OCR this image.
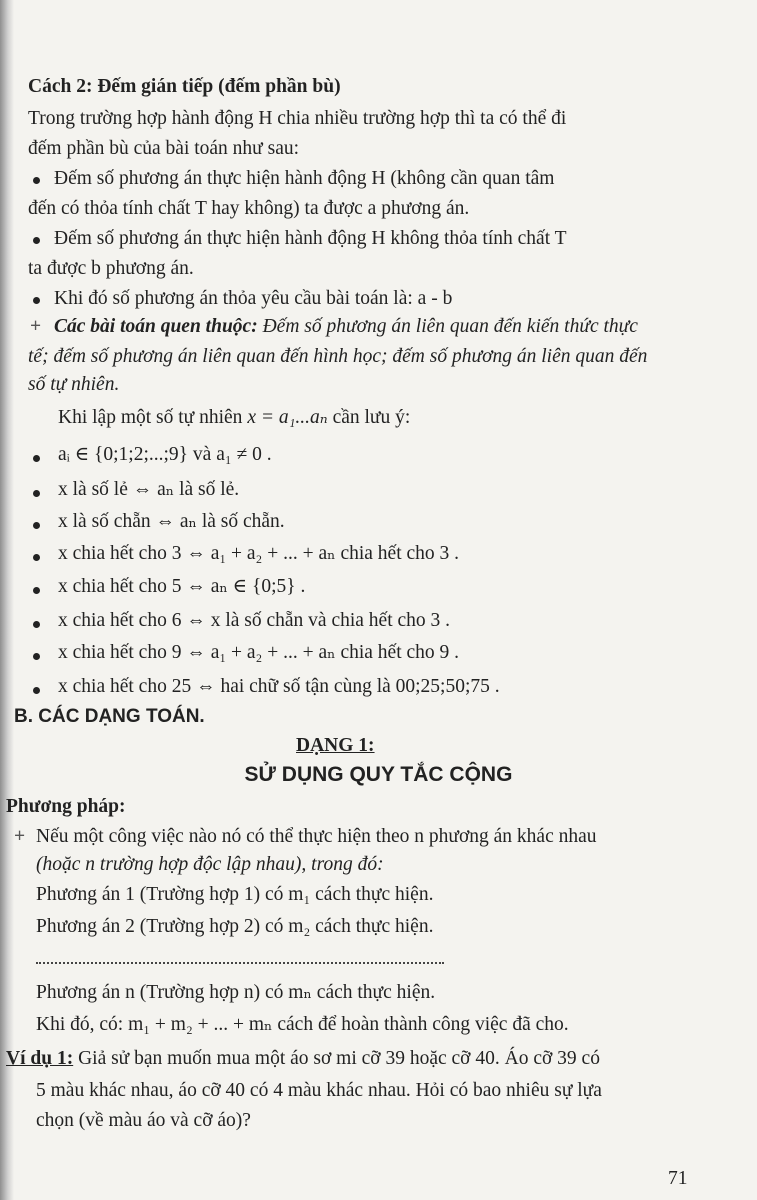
Cách 2: Đếm gián tiếp (đếm phần bù)
Trong trường hợp hành động H chia nhiều trường hợp thì ta có thể đi
đếm phần bù của bài toán như sau:
Đếm số phương án thực hiện hành động H (không cần quan tâm
đến có thỏa tính chất T hay không) ta được a phương án.
Đếm số phương án thực hiện hành động H không thỏa tính chất T
ta được b phương án.
Khi đó số phương án thỏa yêu cầu bài toán là: a - b
+ Các bài toán quen thuộc: Đếm số phương án liên quan đến kiến thức thực
tế; đếm số phương án liên quan đến hình học; đếm số phương án liên quan đến
số tự nhiên.
Khi lập một số tự nhiên x = a₁...aₙ cần lưu ý:
aᵢ ∈ {0;1;2;...;9} và a₁ ≠ 0 .
x là số lẻ ⇔ aₙ là số lẻ.
x là số chẵn ⇔ aₙ là số chẵn.
x chia hết cho 3 ⇔ a₁ + a₂ + ... + aₙ chia hết cho 3 .
x chia hết cho 5 ⇔ aₙ ∈ {0;5} .
x chia hết cho 6 ⇔ x là số chẵn và chia hết cho 3 .
x chia hết cho 9 ⇔ a₁ + a₂ + ... + aₙ chia hết cho 9 .
x chia hết cho 25 ⇔ hai chữ số tận cùng là 00;25;50;75 .
B. CÁC DẠNG TOÁN.
DẠNG 1:
SỬ DỤNG QUY TẮC CỘNG
Phương pháp:
+ Nếu một công việc nào nó có thể thực hiện theo n phương án khác nhau
(hoặc n trường hợp độc lập nhau), trong đó:
Phương án 1 (Trường hợp 1) có m₁ cách thực hiện.
Phương án 2 (Trường hợp 2) có m₂ cách thực hiện.
Phương án n (Trường hợp n) có mₙ cách thực hiện.
Khi đó, có: m₁ + m₂ + ... + mₙ cách để hoàn thành công việc đã cho.
Ví dụ 1: Giả sử bạn muốn mua một áo sơ mi cỡ 39 hoặc cỡ 40. Áo cỡ 39 có
5 màu khác nhau, áo cỡ 40 có 4 màu khác nhau. Hỏi có bao nhiêu sự lựa
chọn (về màu áo và cỡ áo)?
71
